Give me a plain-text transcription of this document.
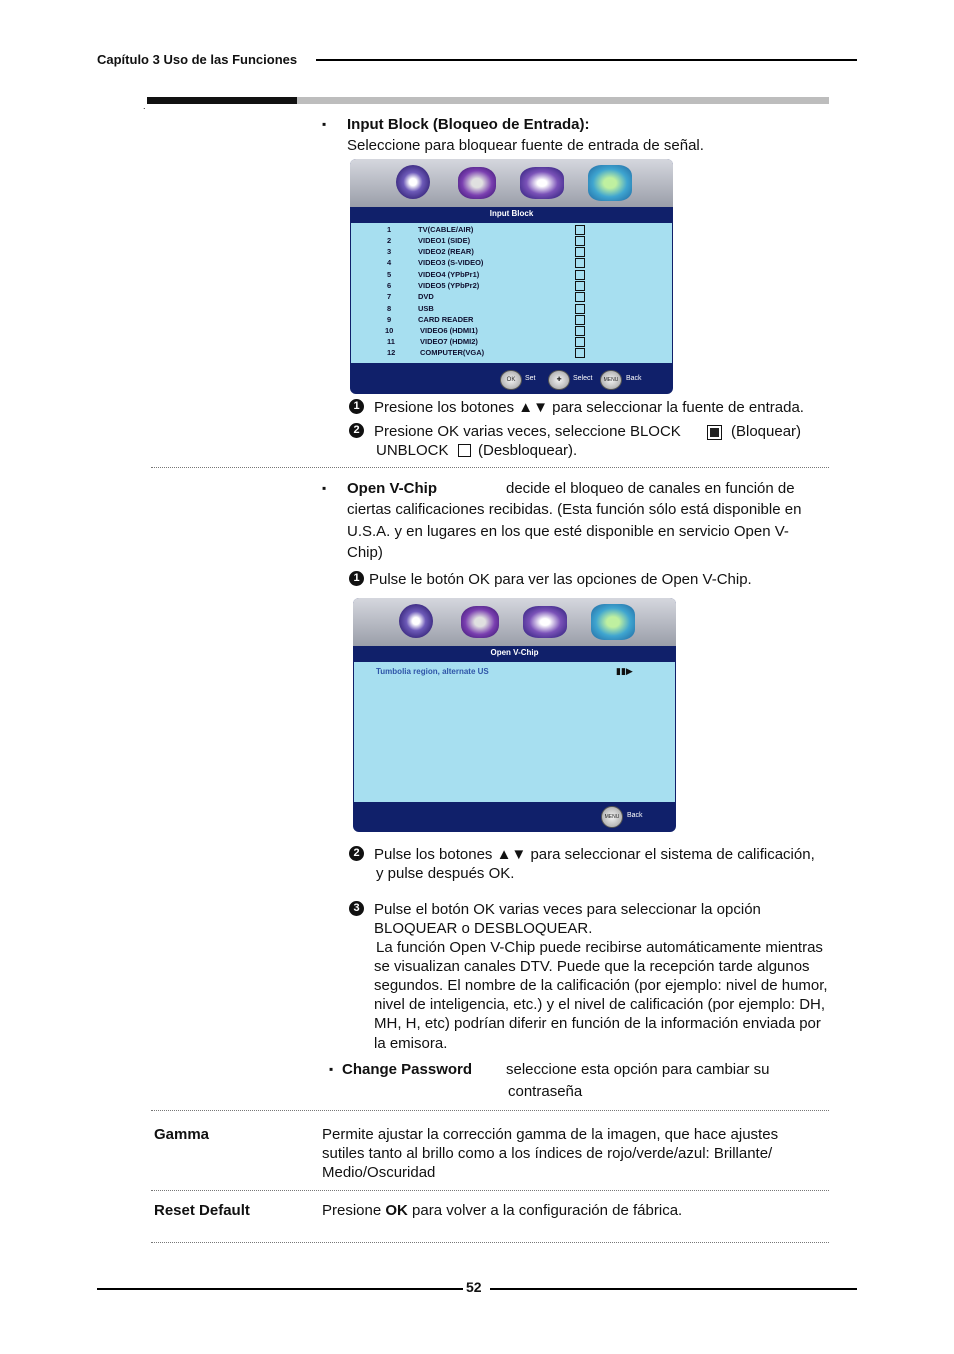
Capítulo 3 Uso de las Funciones
.
▪ Input Block (Bloqueo de Entrada):
Seleccione para bloquear fuente de entrada de señal.
Input Block
1	TV(CABLE/AIR)
2	VIDEO1 (SIDE)
3	VIDEO2 (REAR)
4	VIDEO3 (S-VIDEO)
5	VIDEO4 (YPbPr1)
6	VIDEO5 (YPbPr2)
7	DVD
8	USB
9	CARD READER
10	VIDEO6 (HDMI1)
11	VIDEO7 (HDMI2)
12	COMPUTER(VGA)
OK	Set	✚	Select	MENU	Back
1 Presione los botones ▲▼ para seleccionar la fuente de entrada.
2 Presione OK varias veces, seleccione BLOCK	(Bloquear)
UNBLOCK (Desbloquear).
▪ Open V-Chip	decide el bloqueo de canales en función de
ciertas calificaciones recibidas. (Esta función sólo está disponible en
U.S.A. y en lugares en los que esté disponible en servicio Open V-
Chip)
1 Pulse le botón OK para ver las opciones de Open V-Chip.
Open V-Chip
Tumbolia region, alternate US	▮▮▶
MENU	Back
2 Pulse los botones ▲▼ para seleccionar el sistema de calificación,
y pulse después OK.
3 Pulse el botón OK varias veces para seleccionar la opción
BLOQUEAR o DESBLOQUEAR.
La función Open V-Chip puede recibirse automáticamente mientras
se visualizan canales DTV. Puede que la recepción tarde algunos
segundos. El nombre de la calificación (por ejemplo: nivel de humor,
nivel de inteligencia, etc.) y el nivel de calificación (por ejemplo: DH,
MH, H, etc) podrían diferir en función de la información enviada por
la emisora.
▪ Change Password seleccione esta opción para cambiar su
contraseña
Gamma	Permite ajustar la corrección gamma de la imagen, que hace ajustes
sutiles tanto al brillo como a los índices de rojo/verde/azul: Brillante/
Medio/Oscuridad
Reset Default	Presione OK para volver a la configuración de fábrica.
52
